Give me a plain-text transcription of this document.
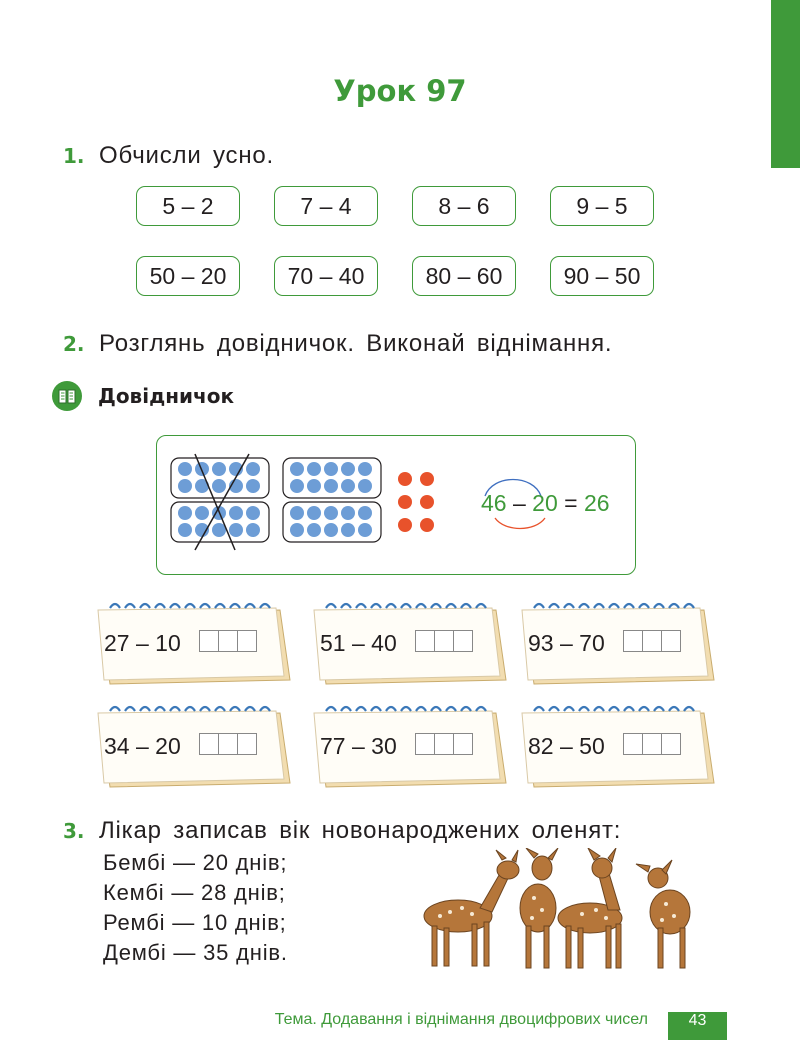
Урок 97
1. Обчисли усно.
5 – 2	7 – 4	8 – 6	9 – 5
50 – 20	70 – 40	80 – 60	90 – 50
2. Розглянь довідничок. Виконай віднімання.
Довідничок
46 – 20 = 26
27 – 10	51 – 40	93 – 70
34 – 20	77 – 30	82 – 50
3. Лікар записав вік новонароджених оленят:
Бембі — 20 днів;
Кембі — 28 днів;
Рембі — 10 днів;
Дембі — 35 днів.
Тема. Додавання і віднімання двоцифрових чисел	43
